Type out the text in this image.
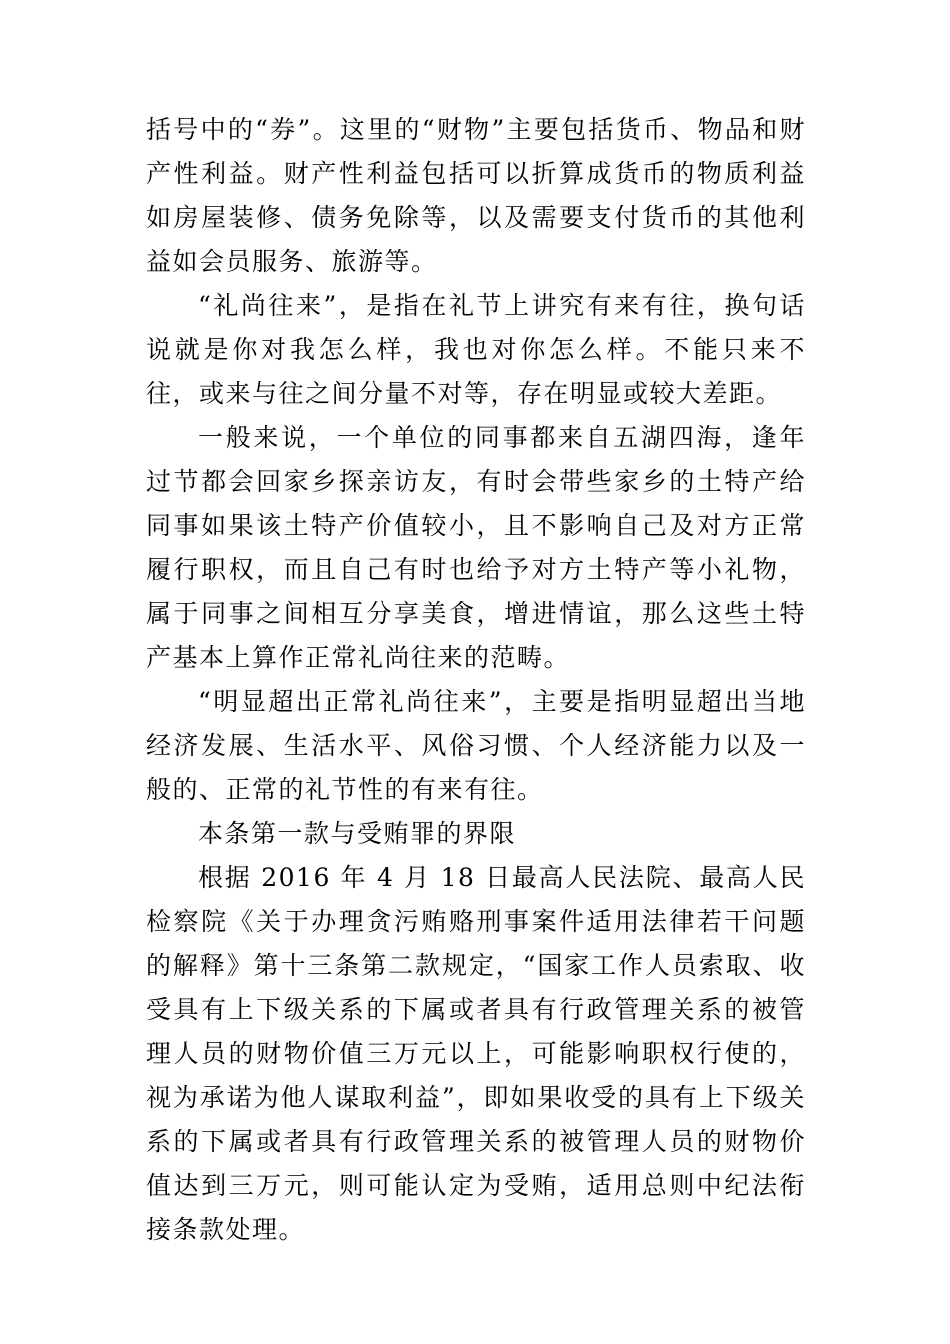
括号中的“券”。这里的“财物”主要包括货币、物品和财产性利益。财产性利益包括可以折算成货币的物质利益如房屋装修、债务免除等，以及需要支付货币的其他利益如会员服务、旅游等。

“礼尚往来”，是指在礼节上讲究有来有往，换句话说就是你对我怎么样，我也对你怎么样。不能只来不往，或来与往之间分量不对等，存在明显或较大差距。

一般来说，一个单位的同事都来自五湖四海，逢年过节都会回家乡探亲访友，有时会带些家乡的土特产给同事如果该土特产价值较小，且不影响自己及对方正常履行职权，而且自己有时也给予对方土特产等小礼物，属于同事之间相互分享美食，增进情谊，那么这些土特产基本上算作正常礼尚往来的范畴。

“明显超出正常礼尚往来”，主要是指明显超出当地经济发展、生活水平、风俗习惯、个人经济能力以及一般的、正常的礼节性的有来有往。

本条第一款与受贿罪的界限

根据 2016 年 4 月 18 日最高人民法院、最高人民检察院《关于办理贪污贿赂刑事案件适用法律若干问题的解释》第十三条第二款规定，“国家工作人员索取、收受具有上下级关系的下属或者具有行政管理关系的被管理人员的财物价值三万元以上，可能影响职权行使的，视为承诺为他人谋取利益”，即如果收受的具有上下级关系的下属或者具有行政管理关系的被管理人员的财物价值达到三万元，则可能认定为受贿，适用总则中纪法衔接条款处理。
